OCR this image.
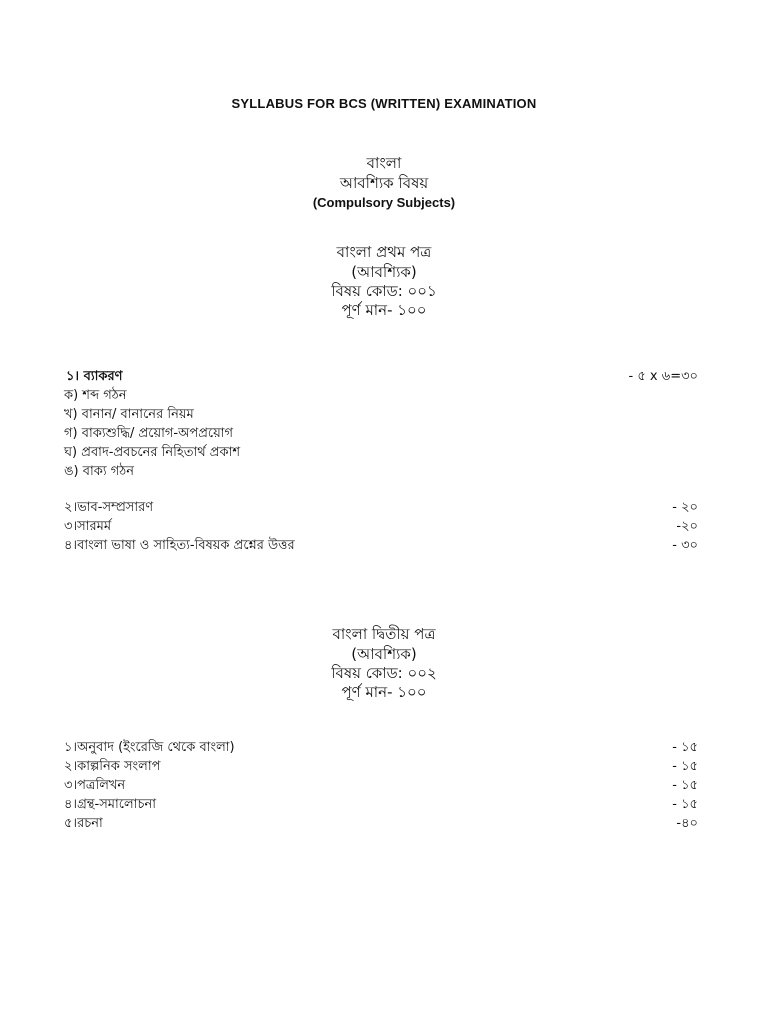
SYLLABUS FOR BCS (WRITTEN) EXAMINATION
বাংলা
আবশ্যিক বিষয়
(Compulsory Subjects)
বাংলা প্রথম পত্র
(আবশ্যিক)
বিষয় কোড: ০০১
পূর্ণ মান- ১০০
১। ব্যাকরণ	- ৫ x ৬=৩০
ক) শব্দ গঠন
খ) বানান/ বানানের নিয়ম
গ) বাক্যশুদ্ধি/ প্রয়োগ-অপপ্রয়োগ
ঘ) প্রবাদ-প্রবচনের নিহিতার্থ প্রকাশ
ঙ) বাক্য গঠন
২।ভাব-সম্প্রসারণ	- ২০
৩।সারমর্ম	-২০
৪।বাংলা ভাষা ও সাহিত্য-বিষয়ক প্রশ্নের উত্তর	- ৩০
বাংলা দ্বিতীয় পত্র
(আবশ্যিক)
বিষয় কোড: ০০২
পূর্ণ মান- ১০০
১।অনুবাদ (ইংরেজি থেকে বাংলা)	- ১৫
২।কাল্পনিক সংলাপ	- ১৫
৩।পত্রলিখন	- ১৫
৪।গ্রন্থ-সমালোচনা	- ১৫
৫।রচনা	-৪০
